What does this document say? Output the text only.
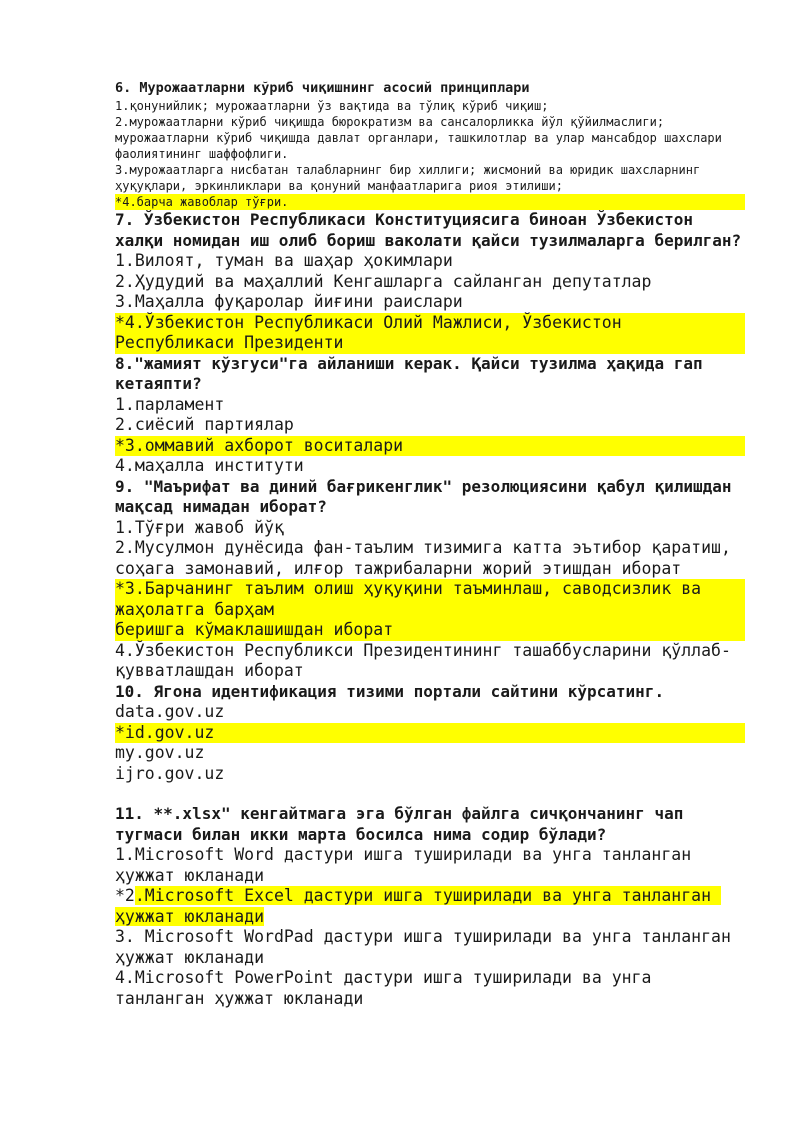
6. Мурожаатларни кўриб чиқишнинг асосий принциплари
1.қонунийлик; мурожаатларни ўз вақтида ва тўлиқ кўриб чиқиш;
2.мурожаатларни кўриб чиқишда бюрократизм ва сансалорликка йўл қўйилмаслиги; мурожаатларни кўриб чиқишда давлат органлари, ташкилотлар ва улар мансабдор шахслари фаолиятининг шаффофлиги.
3.мурожаатларга нисбатан талабларнинг бир хиллиги; жисмоний ва юридик шахсларнинг ҳуқуқлари, эркинликлари ва қонуний манфаатларига риоя этилиши;
*4.барча жавоблар тўғри.
7. Ўзбекистон Республикаси Конституциясига биноан Ўзбекистон халқи номидан иш олиб бориш ваколати қайси тузилмаларга берилган?
1.Вилоят, туман ва шаҳар ҳокимлари
2.Ҳудудий ва маҳаллий Кенгашларга сайланган депутатлар
3.Маҳалла фуқаролар йиғини раислари
*4.Ўзбекистон Республикаси Олий Мажлиси, Ўзбекистон Республикаси Президенти
8."жамият кўзгуси"га айланиши керак. Қайси тузилма ҳақида гап кетаяпти?
1.парламент
2.сиёсий партиялар
*3.оммавий ахборот воситалари
4.маҳалла институти
9. "Маърифат ва диний бағрикенглик" резолюциясини қабул қилишдан мақсад нимадан иборат?
1.Тўғри жавоб йўқ
2.Мусулмон дунёсида фан-таълим тизимига катта эътибор қаратиш, соҳага замонавий, илғор тажрибаларни жорий этишдан иборат
*3.Барчанинг таълим олиш ҳуқуқини таъминлаш, саводсизлик ва жаҳолатга барҳам
беришга кўмаклашишдан иборат
4.Ўзбекистон Республикси Президентининг ташаббусларини қўллаб-қувватлашдан иборат
10. Ягона идентификация тизими портали сайтини кўрсатинг.
data.gov.uz
*id.gov.uz
my.gov.uz
ijro.gov.uz
11. **.xlsx" кенгайтмага эга бўлган файлга сичқончанинг чап тугмаси билан икки марта босилса нима содир бўлади?
1.Microsoft Word дастури ишга туширилади ва унга танланган ҳужжат юкланади
*2.Microsoft Excel дастури ишга туширилади ва унга танланган ҳужжат юкланади
3. Microsoft WordPad дастури ишга туширилади ва унга танланган ҳужжат юкланади
4.Microsoft PowerPoint дастури ишга туширилади ва унга танланган ҳужжат юкланади
